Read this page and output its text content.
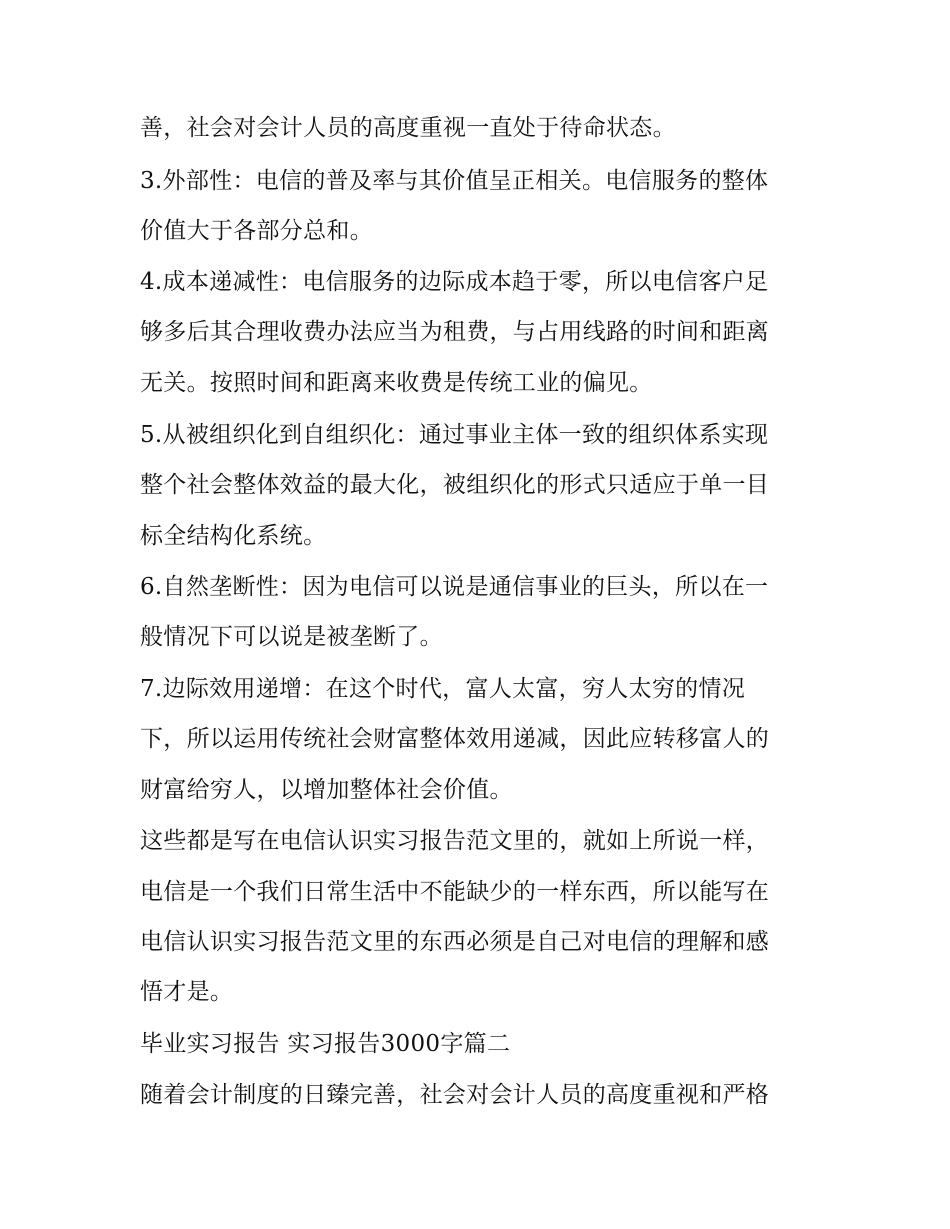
善，社会对会计人员的高度重视一直处于待命状态。
3.外部性：电信的普及率与其价值呈正相关。电信服务的整体
价值大于各部分总和。
4.成本递减性：电信服务的边际成本趋于零，所以电信客户足
够多后其合理收费办法应当为租费，与占用线路的时间和距离
无关。按照时间和距离来收费是传统工业的偏见。
5.从被组织化到自组织化：通过事业主体一致的组织体系实现
整个社会整体效益的最大化，被组织化的形式只适应于单一目
标全结构化系统。
6.自然垄断性：因为电信可以说是通信事业的巨头，所以在一
般情况下可以说是被垄断了。
7.边际效用递增：在这个时代，富人太富，穷人太穷的情况
下，所以运用传统社会财富整体效用递减，因此应转移富人的
财富给穷人，以增加整体社会价值。
这些都是写在电信认识实习报告范文里的，就如上所说一样，
电信是一个我们日常生活中不能缺少的一样东西，所以能写在
电信认识实习报告范文里的东西必须是自己对电信的理解和感
悟才是。
毕业实习报告 实习报告3000字篇二
随着会计制度的日臻完善，社会对会计人员的高度重视和严格
